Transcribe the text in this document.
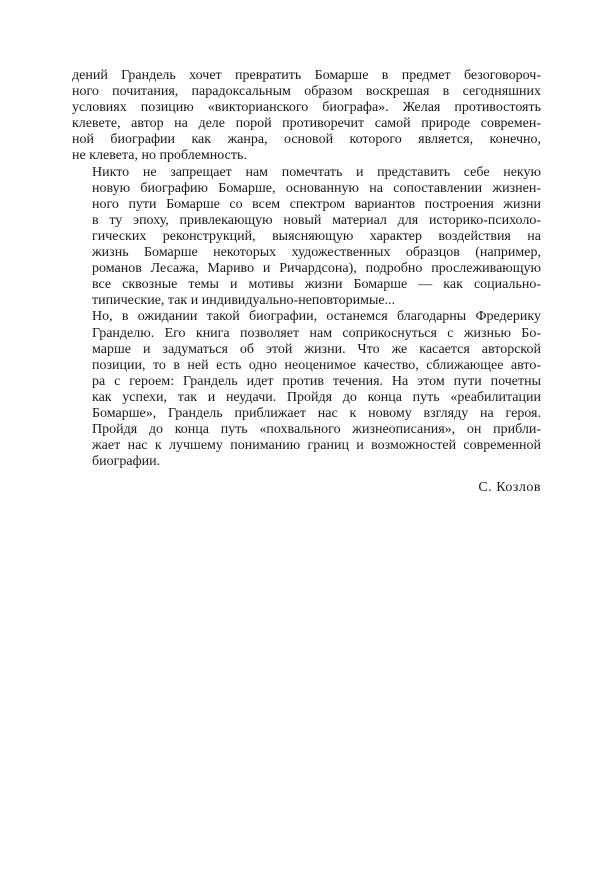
дений Грандель хочет превратить Бомарше в предмет безоговороч-
ного почитания, парадоксальным образом воскрешая в сегодняшних
условиях позицию «викторианского биографа». Желая противостоять
клевете, автор на деле порой противоречит самой природе современ-
ной биографии как жанра, основой которого является, конечно,
не клевета, но проблемность.

Никто не запрещает нам помечтать и представить себе некую
новую биографию Бомарше, основанную на сопоставлении жизнен-
ного пути Бомарше со всем спектром вариантов построения жизни
в ту эпоху, привлекающую новый материал для историко-психоло-
гических реконструкций, выясняющую характер воздействия на
жизнь Бомарше некоторых художественных образцов (например,
романов Лесажа, Мариво и Ричардсона), подробно прослеживающую
все сквозные темы и мотивы жизни Бомарше — как социально-
типические, так и индивидуально-неповторимые...

Но, в ожидании такой биографии, останемся благодарны Фредерику
Гранделю. Его книга позволяет нам соприкоснуться с жизнью Бо-
марше и задуматься об этой жизни. Что же касается авторской
позиции, то в ней есть одно неоценимое качество, сближающее авто-
ра с героем: Грандель идет против течения. На этом пути почетны
как успехи, так и неудачи. Пройдя до конца путь «реабилитации
Бомарше», Грандель приближает нас к новому взгляду на героя.
Пройдя до конца путь «похвального жизнеописания», он прибли-
жает нас к лучшему пониманию границ и возможностей современной
биографии.

С. Козлов
